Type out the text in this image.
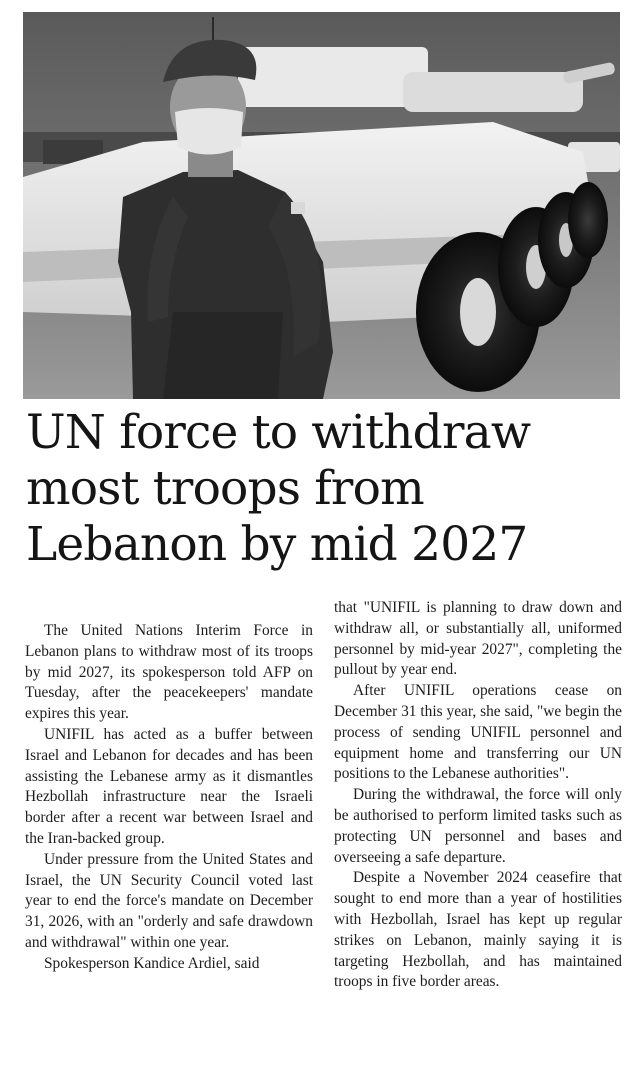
UN force to withdraw
most troops from
Lebanon by mid 2027

The United Nations Interim Force in Lebanon plans to withdraw most of its troops by mid 2027, its spokesperson told AFP on Tuesday, after the peacekeepers' mandate expires this year.

UNIFIL has acted as a buffer between Israel and Lebanon for decades and has been assisting the Lebanese army as it dismantles Hezbollah infrastructure near the Israeli border after a recent war between Israel and the Iran-backed group.

Under pressure from the United States and Israel, the UN Security Council voted last year to end the force's mandate on December 31, 2026, with an "orderly and safe drawdown and withdrawal" within one year.

Spokesperson Kandice Ardiel, said

that "UNIFIL is planning to draw down and withdraw all, or substantially all, uniformed personnel by mid-year 2027", completing the pullout by year end.

After UNIFIL operations cease on December 31 this year, she said, "we begin the process of sending UNIFIL personnel and equipment home and transferring our UN positions to the Lebanese authorities".

During the withdrawal, the force will only be authorised to perform limited tasks such as protecting UN personnel and bases and overseeing a safe departure.

Despite a November 2024 ceasefire that sought to end more than a year of hostilities with Hezbollah, Israel has kept up regular strikes on Lebanon, mainly saying it is targeting Hezbollah, and has maintained troops in five border areas.
